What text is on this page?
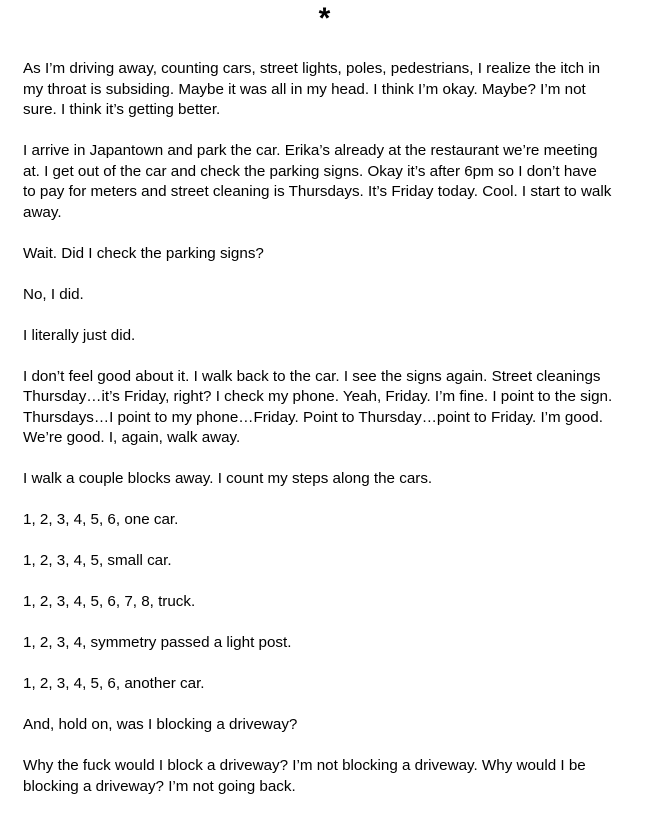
*

As I’m driving away, counting cars, street lights, poles, pedestrians, I realize the itch in my throat is subsiding. Maybe it was all in my head. I think I’m okay. Maybe? I’m not sure. I think it’s getting better.

I arrive in Japantown and park the car. Erika’s already at the restaurant we’re meeting at. I get out of the car and check the parking signs. Okay it’s after 6pm so I don’t have to pay for meters and street cleaning is Thursdays. It’s Friday today. Cool. I start to walk away.

Wait. Did I check the parking signs?

No, I did.

I literally just did.

I don’t feel good about it. I walk back to the car. I see the signs again. Street cleanings Thursday…it’s Friday, right? I check my phone. Yeah, Friday. I’m fine. I point to the sign. Thursdays…I point to my phone…Friday. Point to Thursday…point to Friday. I’m good. We’re good. I, again, walk away.

I walk a couple blocks away. I count my steps along the cars.

1, 2, 3, 4, 5, 6, one car.

1, 2, 3, 4, 5, small car.

1, 2, 3, 4, 5, 6, 7, 8, truck.

1, 2, 3, 4, symmetry passed a light post.

1, 2, 3, 4, 5, 6, another car.

And, hold on, was I blocking a driveway?

Why the fuck would I block a driveway? I’m not blocking a driveway. Why would I be blocking a driveway? I’m not going back.
